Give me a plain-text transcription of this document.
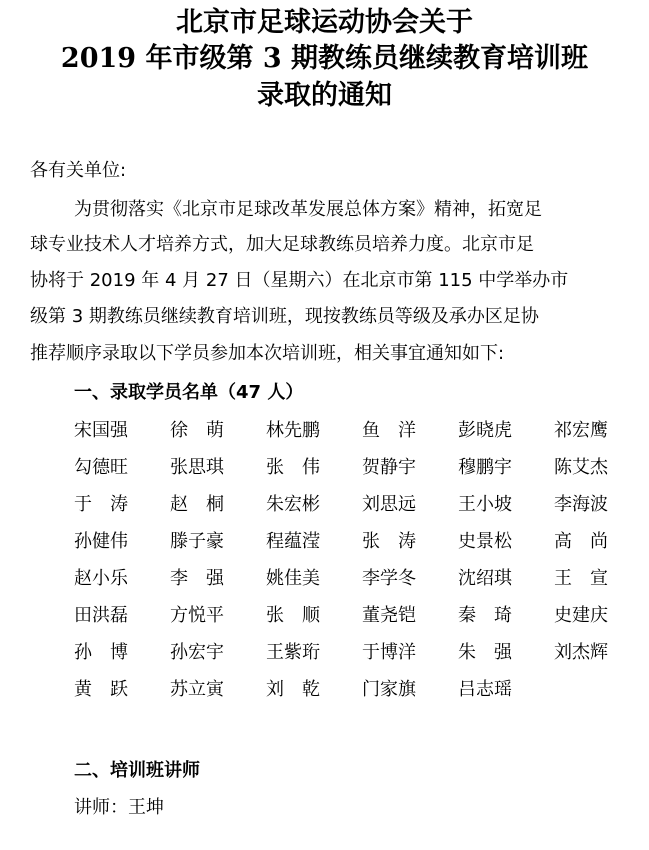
北京市足球运动协会关于
2019 年市级第 3 期教练员继续教育培训班
录取的通知
各有关单位:
为贯彻落实《北京市足球改革发展总体方案》精神，拓宽足
球专业技术人才培养方式，加大足球教练员培养力度。北京市足
协将于 2019 年 4 月 27 日（星期六）在北京市第 115 中学举办市
级第 3 期教练员继续教育培训班，现按教练员等级及承办区足协
推荐顺序录取以下学员参加本次培训班，相关事宜通知如下:
一、录取学员名单（47 人）
宋国强	徐　萌	林先鹏	鱼　洋	彭晓虎	祁宏鹰
勾德旺	张思琪	张　伟	贺静宇	穆鹏宇	陈艾杰
于　涛	赵　桐	朱宏彬	刘思远	王小坡	李海波
孙健伟	滕子豪	程蕴滢	张　涛	史景松	高　尚
赵小乐	李　强	姚佳美	李学冬	沈绍琪	王　宣
田洪磊	方悦平	张　顺	董尧铠	秦　琦	史建庆
孙　博	孙宏宇	王紫珩	于博洋	朱　强	刘杰辉
黄　跃	苏立寅	刘　乾	门家旗	吕志瑶
二、培训班讲师
讲师：王坤
